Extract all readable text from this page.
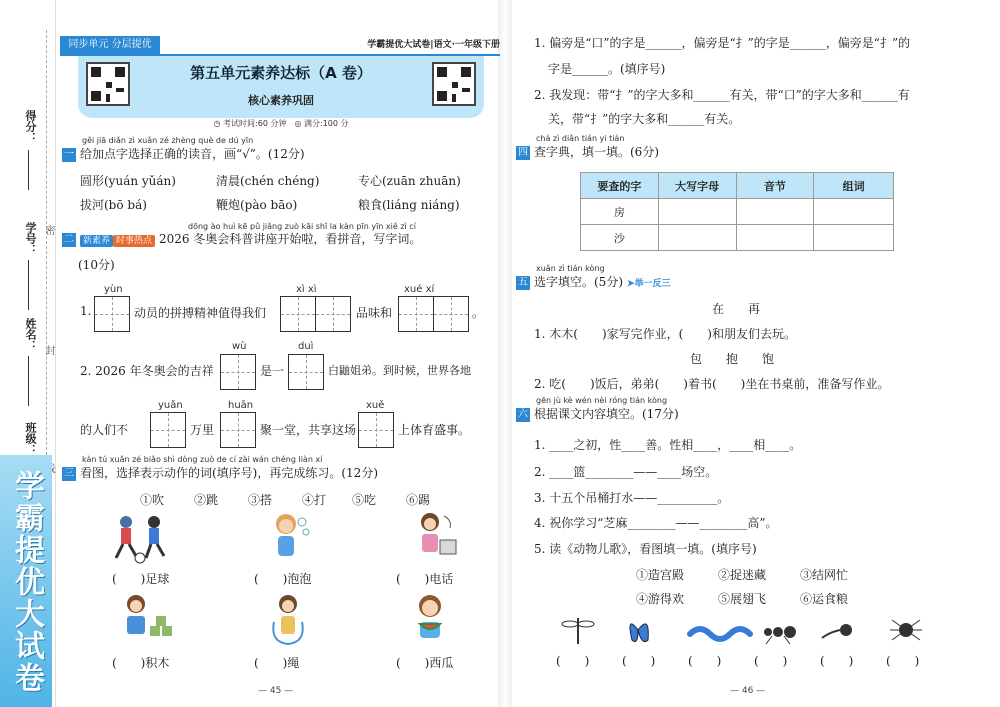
得分：
学号：
姓名：
班级：
密
封
学霸提优大试卷
同步单元 分层提优	学霸提优大试卷|语文·一年级下册
第五单元素养达标（A 卷）
核心素养巩固
◷ 考试时间:60 分钟　 ◎ 满分:100 分
gěi jiā diǎn zì xuǎn zé zhèng què de dú yīn
一 给加点字选择正确的读音，画“√”。(12分)
圆形(yuán yǔán)	清晨(chén chéng)	专心(zuān zhuān)
拔河(bō bá)	鞭炮(pào bāo)	粮食(liáng niáng)
dōng ào huì kē pǔ jiǎng zuò kāi shǐ la kàn pīn yīn xiě zì cí
二 新素养 时事热点 2026 冬奥会科普讲座开始啦，看拼音，写字词。
(10分)
1.
yùn
动员的拼搏精神值得我们
xì xì
品味和
xué xí
。
2. 2026 年冬奥会的吉祥
wù
是一
duì
白鼬姐弟。到时候，世界各地
的人们不
yuǎn
万里
huān
聚一堂，共享这场
xuě
上体育盛事。
kàn tú xuǎn zé biǎo shì dòng zuò de cí zài wán chéng liàn xí
三 看图，选择表示动作的词(填序号)，再完成练习。(12分)
①吹 ②跳 ③搭 ④打 ⑤吃 ⑥踢
(　　)足球	(　　)泡泡	(　　)电话
(　　)积木	(　　)绳	(　　)西瓜
— 45 —
1. 偏旁是“口”的字是______，偏旁是“扌”的字是______，偏旁是“扌”的
字是______。(填序号)
2. 我发现：带“扌”的字大多和______有关，带“口”的字大多和______有
关，带“扌”的字大多和______有关。
chá zì diǎn tián yi tián
四 查字典，填一填。(6分)
要查的字	大写字母	音节	组词
房			
沙			
xuǎn zì tián kòng
五 选字填空。(5分) ➤举一反三
在　　再
1. 木木(　　)家写完作业，(　　)和朋友们去玩。
包　　抱　　饱
2. 吃(　　)饭后，弟弟(　　)着书(　　)坐在书桌前，准备写作业。
gēn jù kè wén nèi róng tián kòng
六 根据课文内容填空。(17分)
1. ____之初，性____善。性相____，____相____。
2. ____篮________——____场空。
3. 十五个吊桶打水——__________。
4. 祝你学习“芝麻________——________高”。
5. 读《动物儿歌》，看图填一填。(填序号)
①造宫殿	②捉迷藏	③结网忙
④游得欢	⑤展翅飞	⑥运食粮
(　　)	(　　)	(　　)	(　　)	(　　)	(　　)
— 46 —
